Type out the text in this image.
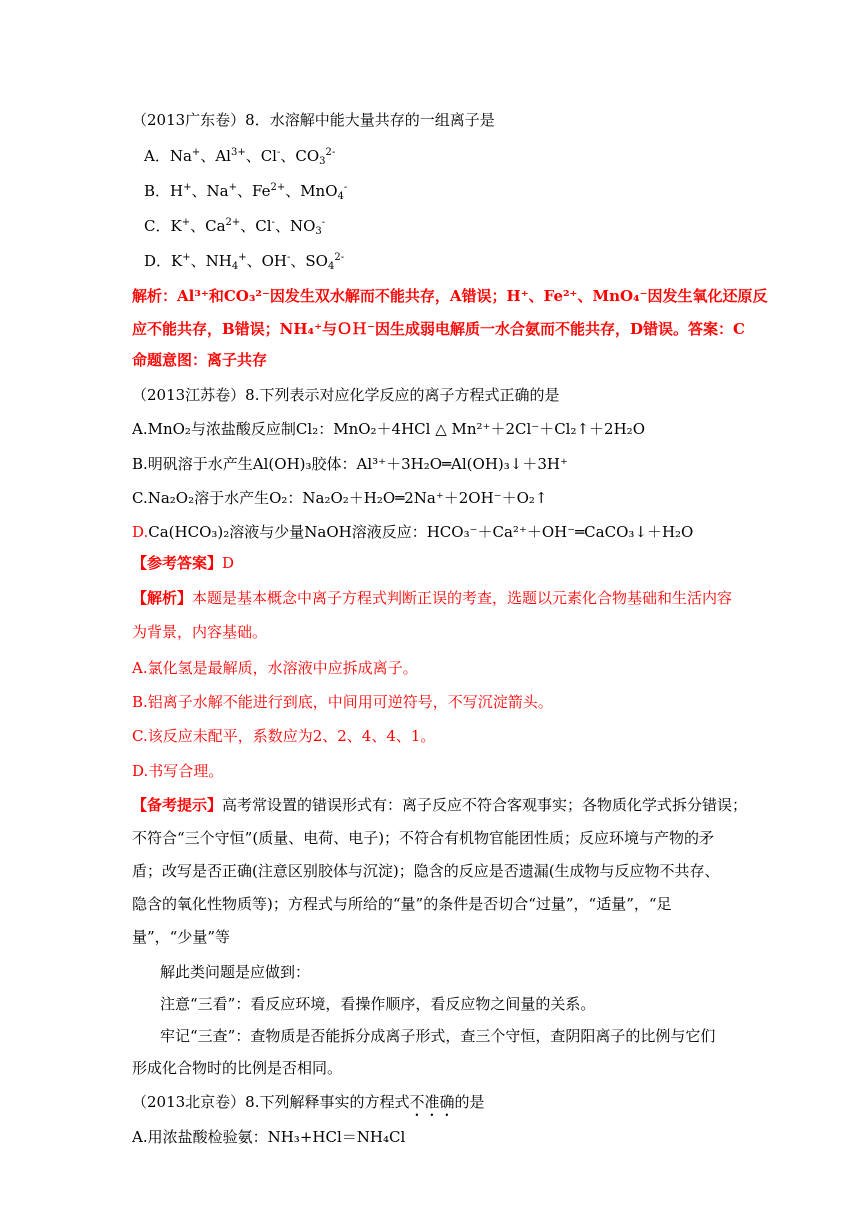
（2013广东卷）8．水溶解中能大量共存的一组离子是
A．Na+、$Al^{3+}$、Cl-、$CO_3^{2-}$
B．H+、Na+、$Fe^{2+}$、MnO$_4$-
C．K+、$Ca^{2+}$、Cl-、$NO_3^-$
D．K+、$NH_4^+$、OH-、$SO_4^{2-}$
解析：Al³⁺和CO₃²⁻因发生双水解而不能共存，A错误；H⁺、Fe²⁺、MnO₄⁻因发生氧化还原反
应不能共存，B错误；NH₄⁺与ＯＨ⁻因生成弱电解质一水合氨而不能共存，D错误。答案：C
命题意图：离子共存
（2013江苏卷）8.下列表示对应化学反应的离子方程式正确的是
A.MnO₂与浓盐酸反应制Cl₂：MnO₂＋4HCl △ Mn²⁺＋2Cl⁻＋Cl₂↑＋2H₂O
B.明矾溶于水产生Al(OH)₃胶体：Al³⁺＋3H₂O═Al(OH)₃↓＋3H⁺
C.Na₂O₂溶于水产生O₂：Na₂O₂＋H₂O═2Na⁺＋2OH⁻＋O₂↑
D.Ca(HCO₃)₂溶液与少量NaOH溶液反应：HCO₃⁻＋Ca²⁺＋OH⁻═CaCO₃↓＋H₂O
【参考答案】D
【解析】本题是基本概念中离子方程式判断正误的考查，选题以元素化合物基础和生活内容
为背景，内容基础。
A.氯化氢是最解质，水溶液中应拆成离子。
B.铝离子水解不能进行到底，中间用可逆符号，不写沉淀箭头。
C.该反应未配平，系数应为2、2、4、4、1。
D.书写合理。
【备考提示】高考常设置的错误形式有：离子反应不符合客观事实；各物质化学式拆分错误；
不符合“三个守恒”(质量、电荷、电子)；不符合有机物官能团性质；反应环境与产物的矛
盾；改写是否正确(注意区别胶体与沉淀)；隐含的反应是否遗漏(生成物与反应物不共存、
隐含的氧化性物质等)；方程式与所给的“量”的条件是否切合“过量”，“适量”，“足
量”，“少量”等
解此类问题是应做到：
注意“三看”：看反应环境，看操作顺序，看反应物之间量的关系。
牢记“三查”：查物质是否能拆分成离子形式，查三个守恒，查阴阳离子的比例与它们
形成化合物时的比例是否相同。
（2013北京卷）8.下列解释事实的方程式不准确的是
A.用浓盐酸检验氨：NH₃+HCl＝NH₄Cl
